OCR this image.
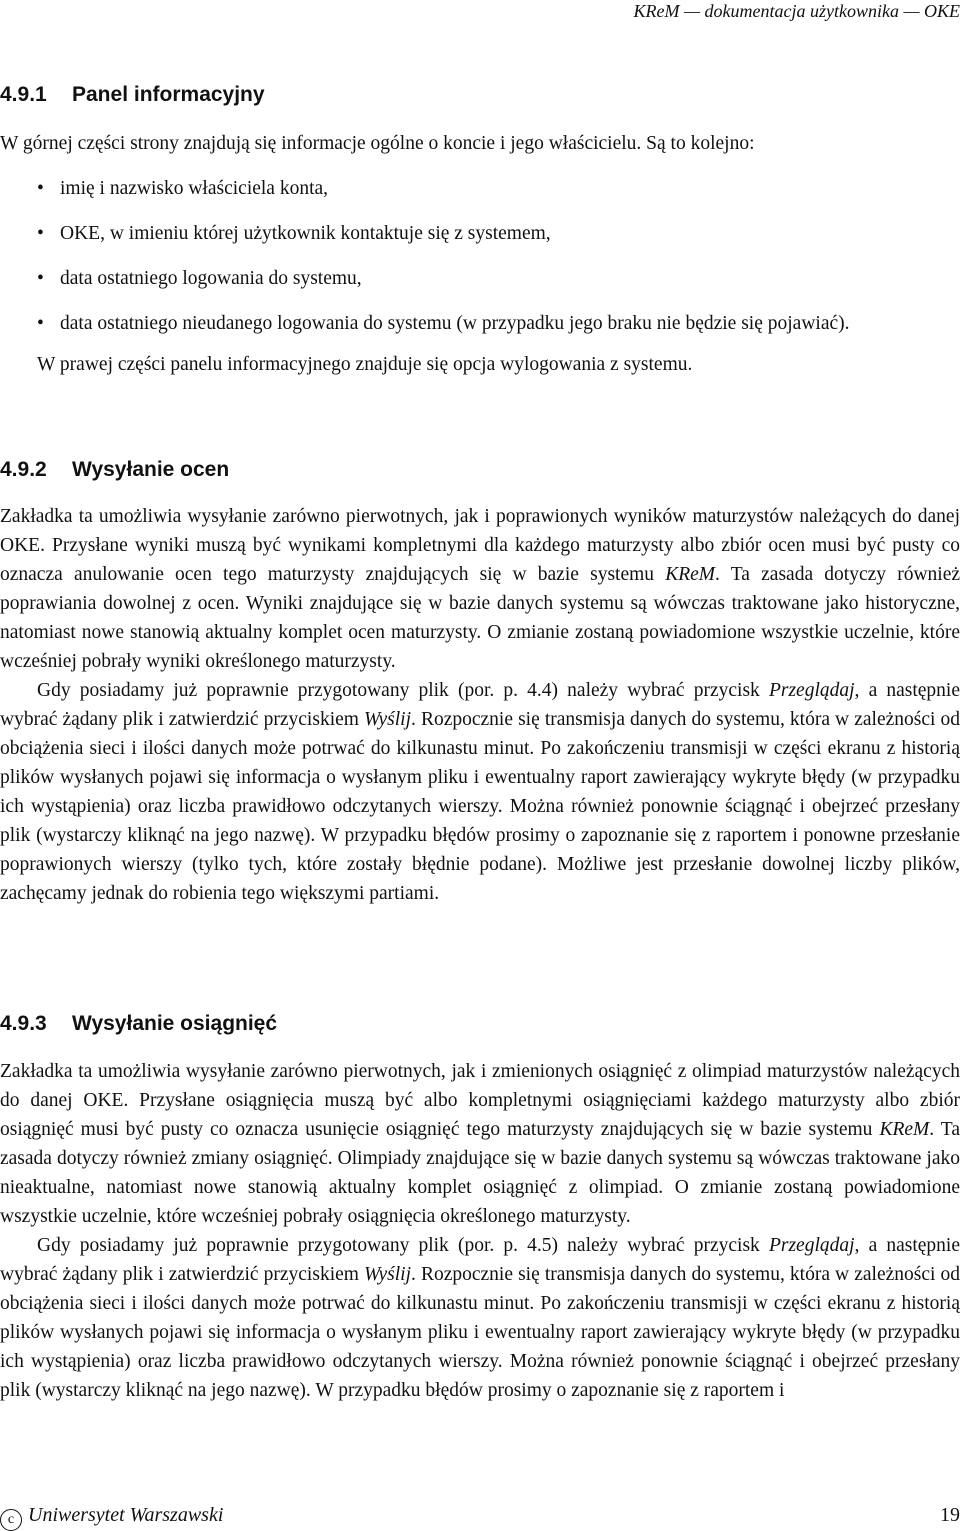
KReM — dokumentacja użytkownika — OKE
4.9.1 Panel informacyjny

W górnej części strony znajdują się informacje ogólne o koncie i jego właścicielu. Są to kolejno:

• imię i nazwisko właściciela konta,
• OKE, w imieniu której użytkownik kontaktuje się z systemem,
• data ostatniego logowania do systemu,
• data ostatniego nieudanego logowania do systemu (w przypadku jego braku nie będzie się pojawiać).

W prawej części panelu informacyjnego znajduje się opcja wylogowania z systemu.

4.9.2 Wysyłanie ocen

Zakładka ta umożliwia wysyłanie zarówno pierwotnych, jak i poprawionych wyników maturzystów należących do danej OKE. Przysłane wyniki muszą być wynikami kompletnymi dla każdego maturzysty albo zbiór ocen musi być pusty co oznacza anulowanie ocen tego maturzysty znajdujących się w bazie systemu KReM. Ta zasada dotyczy również poprawiania dowolnej z ocen. Wyniki znajdujące się w bazie danych systemu są wówczas traktowane jako historyczne, natomiast nowe stanowią aktualny komplet ocen maturzysty. O zmianie zostaną powiadomione wszystkie uczelnie, które wcześniej pobrały wyniki określonego maturzysty.

Gdy posiadamy już poprawnie przygotowany plik (por. p. 4.4) należy wybrać przycisk Przeglądaj, a następnie wybrać żądany plik i zatwierdzić przyciskiem Wyślij. Rozpocznie się transmisja danych do systemu, która w zależności od obciążenia sieci i ilości danych może potrwać do kilkunastu minut. Po zakończeniu transmisji w części ekranu z historią plików wysłanych pojawi się informacja o wysłanym pliku i ewentualny raport zawierający wykryte błędy (w przypadku ich wystąpienia) oraz liczba prawidłowo odczytanych wierszy. Można również ponownie ściągnąć i obejrzeć przesłany plik (wystarczy kliknąć na jego nazwę). W przypadku błędów prosimy o zapoznanie się z raportem i ponowne przesłanie poprawionych wierszy (tylko tych, które zostały błędnie podane). Możliwe jest przesłanie dowolnej liczby plików, zachęcamy jednak do robienia tego większymi partiami.

4.9.3 Wysyłanie osiągnięć

Zakładka ta umożliwia wysyłanie zarówno pierwotnych, jak i zmienionych osiągnięć z olimpiad maturzystów należących do danej OKE. Przysłane osiągnięcia muszą być albo kompletnymi osiągnięciami każdego maturzysty albo zbiór osiągnięć musi być pusty co oznacza usunięcie osiągnięć tego maturzysty znajdujących się w bazie systemu KReM. Ta zasada dotyczy również zmiany osiągnięć. Olimpiady znajdujące się w bazie danych systemu są wówczas traktowane jako nieaktualne, natomiast nowe stanowią aktualny komplet osiągnięć z olimpiad. O zmianie zostaną powiadomione wszystkie uczelnie, które wcześniej pobrały osiągnięcia określonego maturzysty.

Gdy posiadamy już poprawnie przygotowany plik (por. p. 4.5) należy wybrać przycisk Przeglądaj, a następnie wybrać żądany plik i zatwierdzić przyciskiem Wyślij. Rozpocznie się transmisja danych do systemu, która w zależności od obciążenia sieci i ilości danych może potrwać do kilkunastu minut. Po zakończeniu transmisji w części ekranu z historią plików wysłanych pojawi się informacja o wysłanym pliku i ewentualny raport zawierający wykryte błędy (w przypadku ich wystąpienia) oraz liczba prawidłowo odczytanych wierszy. Można również ponownie ściągnąć i obejrzeć przesłany plik (wystarczy kliknąć na jego nazwę). W przypadku błędów prosimy o zapoznanie się z raportem i

c Uniwersytet Warszawski	19
